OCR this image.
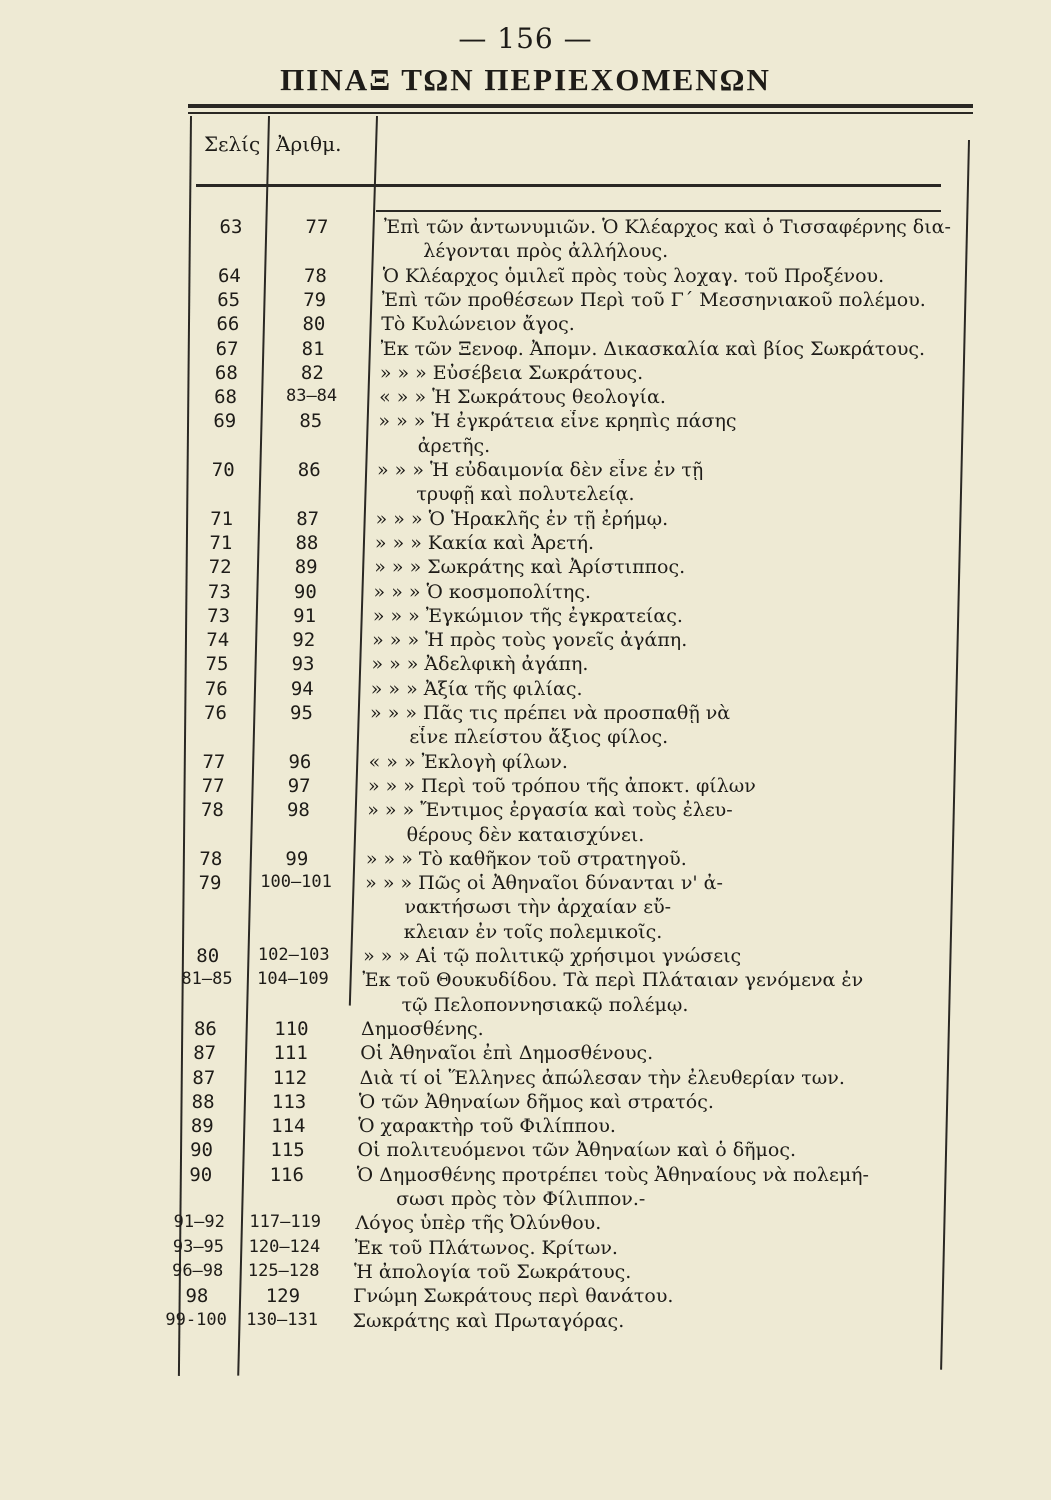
— 156 —
ΠΙΝΑΞ ΤΩΝ ΠΕΡΙΕΧΟΜΕΝΩΝ
Σελίς Ἀριθμ.
63	77	Ἐπὶ τῶν ἀντωνυμιῶν. Ὁ Κλέαρχος καὶ ὁ Τισσαφέρνης δια-
λέγονται πρὸς ἀλλήλους.
64	78	Ὁ Κλέαρχος ὁμιλεῖ πρὸς τοὺς λοχαγ. τοῦ Προξένου.
65	79	Ἐπὶ τῶν προθέσεων Περὶ τοῦ Γ΄ Μεσσηνιακοῦ πολέμου.
66	80	Τὸ Κυλώνειον ἄγος.
67	81	Ἐκ τῶν Ξενοφ. Ἀπομν. Δικασκαλία καὶ βίος Σωκράτους.
68	82	» » » Εὐσέβεια Σωκράτους.
68	83—84	« » » Ἡ Σωκράτους θεολογία.
69	85	» » » Ἡ ἐγκράτεια εἶνε κρηπὶς πάσης
ἀρετῆς.
70	86	» » » Ἡ εὐδαιμονία δὲν εἶνε ἐν τῇ
τρυφῇ καὶ πολυτελείᾳ.
71	87	» » » Ὁ Ἡρακλῆς ἐν τῇ ἐρήμῳ.
71	88	» » » Κακία καὶ Ἀρετή.
72	89	» » » Σωκράτης καὶ Ἀρίστιππος.
73	90	» » » Ὁ κοσμοπολίτης.
73	91	» » » Ἐγκώμιον τῆς ἐγκρατείας.
74	92	» » » Ἡ πρὸς τοὺς γονεῖς ἀγάπη.
75	93	» » » Ἀδελφικὴ ἀγάπη.
76	94	» » » Ἀξία τῆς φιλίας.
76	95	» » » Πᾶς τις πρέπει νὰ προσπαθῇ νὰ
εἶνε πλείστου ἄξιος φίλος.
77	96	« » » Ἐκλογὴ φίλων.
77	97	» » » Περὶ τοῦ τρόπου τῆς ἀποκτ. φίλων
78	98	» » » Ἔντιμος ἐργασία καὶ τοὺς ἐλευ-
θέρους δὲν καταισχύνει.
78	99	» » » Τὸ καθῆκον τοῦ στρατηγοῦ.
79	100—101	» » » Πῶς οἱ Ἀθηναῖοι δύνανται ν' ἀ-
νακτήσωσι τὴν ἀρχαίαν εὔ-
κλειαν ἐν τοῖς πολεμικοῖς.
80	102—103	» » » Αἱ τῷ πολιτικῷ χρήσιμοι γνώσεις
81—85	104—109	Ἐκ τοῦ Θουκυδίδου. Τὰ περὶ Πλάταιαν γενόμενα ἐν
τῷ Πελοποννησιακῷ πολέμῳ.
86	110	Δημοσθένης.
87	111	Οἱ Ἀθηναῖοι ἐπὶ Δημοσθένους.
87	112	Διὰ τί οἱ Ἕλληνες ἀπώλεσαν τὴν ἐλευθερίαν των.
88	113	Ὁ τῶν Ἀθηναίων δῆμος καὶ στρατός.
89	114	Ὁ χαρακτὴρ τοῦ Φιλίππου.
90	115	Οἱ πολιτευόμενοι τῶν Ἀθηναίων καὶ ὁ δῆμος.
90	116	Ὁ Δημοσθένης προτρέπει τοὺς Ἀθηναίους νὰ πολεμή-
σωσι πρὸς τὸν Φίλιππον.-
91—92	117—119	Λόγος ὑπὲρ τῆς Ὀλύνθου.
93—95	120—124	Ἐκ τοῦ Πλάτωνος. Κρίτων.
96—98	125—128	Ἡ ἀπολογία τοῦ Σωκράτους.
98	129	Γνώμη Σωκράτους περὶ θανάτου.
99-100	130—131	Σωκράτης καὶ Πρωταγόρας.
